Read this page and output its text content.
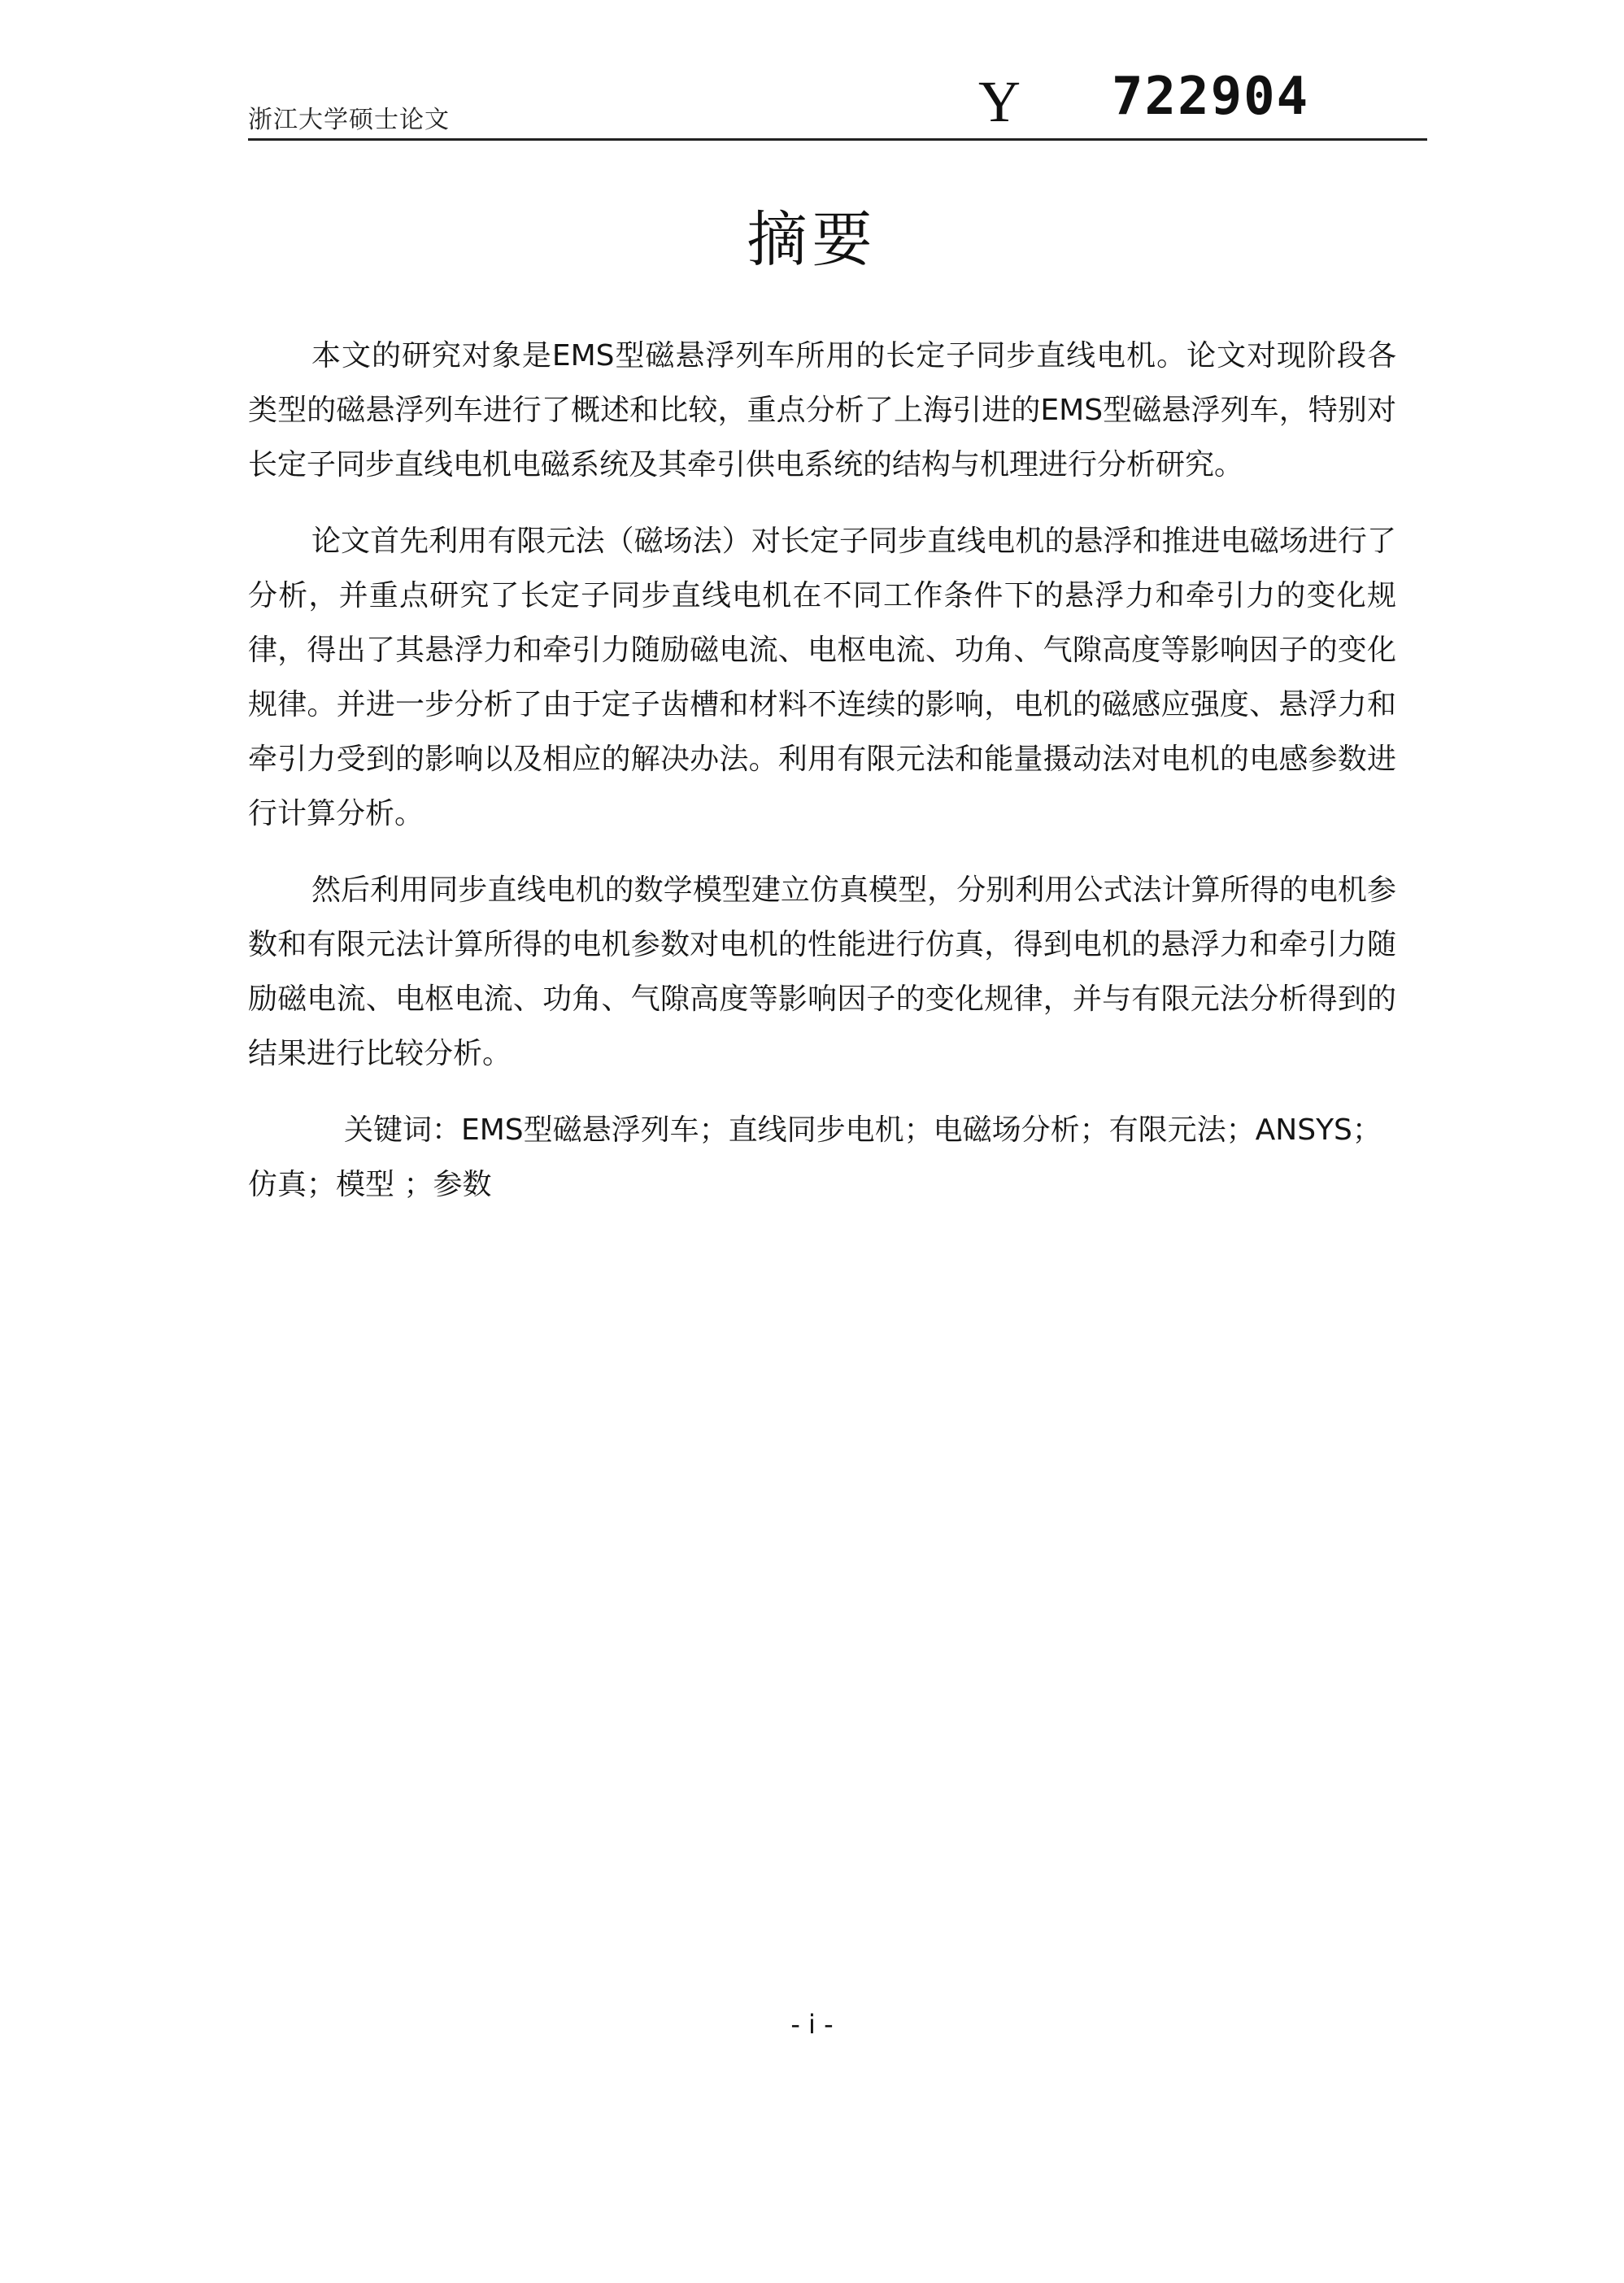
浙江大学硕士论文	Y 722904
摘要

本文的研究对象是EMS型磁悬浮列车所用的长定子同步直线电机。论文对现阶段各类型的磁悬浮列车进行了概述和比较，重点分析了上海引进的EMS型磁悬浮列车，特别对长定子同步直线电机电磁系统及其牵引供电系统的结构与机理进行分析研究。

论文首先利用有限元法（磁场法）对长定子同步直线电机的悬浮和推进电磁场进行了分析，并重点研究了长定子同步直线电机在不同工作条件下的悬浮力和牵引力的变化规律，得出了其悬浮力和牵引力随励磁电流、电枢电流、功角、气隙高度等影响因子的变化规律。并进一步分析了由于定子齿槽和材料不连续的影响，电机的磁感应强度、悬浮力和牵引力受到的影响以及相应的解决办法。利用有限元法和能量摄动法对电机的电感参数进行计算分析。

然后利用同步直线电机的数学模型建立仿真模型，分别利用公式法计算所得的电机参数和有限元法计算所得的电机参数对电机的性能进行仿真，得到电机的悬浮力和牵引力随励磁电流、电枢电流、功角、气隙高度等影响因子的变化规律，并与有限元法分析得到的结果进行比较分析。

关键词：EMS型磁悬浮列车；直线同步电机；电磁场分析；有限元法；ANSYS；仿真；模型 ；参数

- i -
